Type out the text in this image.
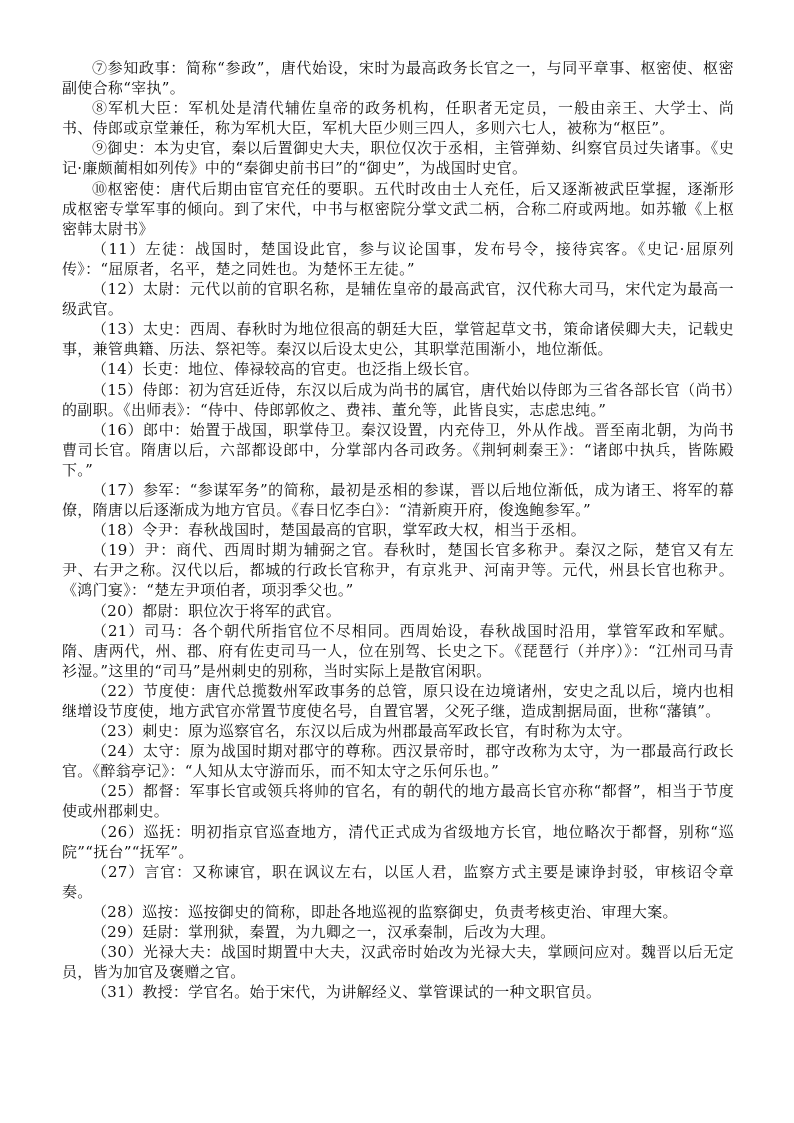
⑦参知政事：简称“参政”，唐代始设，宋时为最高政务长官之一，与同平章事、枢密使、枢密副使合称“宰执”。

⑧军机大臣：军机处是清代辅佐皇帝的政务机构，任职者无定员，一般由亲王、大学士、尚书、侍郎或京堂兼任，称为军机大臣，军机大臣少则三四人，多则六七人，被称为“枢臣”。

⑨御史：本为史官，秦以后置御史大夫，职位仅次于丞相，主管弹劾、纠察官员过失诸事。《史记·廉颇蔺相如列传》中的“秦御史前书曰”的“御史”，为战国时史官。

⑩枢密使：唐代后期由宦官充任的要职。五代时改由士人充任，后又逐渐被武臣掌握，逐渐形成枢密专掌军事的倾向。到了宋代，中书与枢密院分掌文武二柄，合称二府或两地。如苏辙《上枢密韩太尉书》

（11）左徒：战国时，楚国设此官，参与议论国事，发布号令，接待宾客。《史记·屈原列传》：“屈原者，名平，楚之同姓也。为楚怀王左徒。”

（12）太尉：元代以前的官职名称，是辅佐皇帝的最高武官，汉代称大司马，宋代定为最高一级武官。

（13）太史：西周、春秋时为地位很高的朝廷大臣，掌管起草文书，策命诸侯卿大夫，记载史事，兼管典籍、历法、祭祀等。秦汉以后设太史公，其职掌范围渐小，地位渐低。

（14）长吏：地位、俸禄较高的官吏。也泛指上级长官。

（15）侍郎：初为宫廷近侍，东汉以后成为尚书的属官，唐代始以侍郎为三省各部长官（尚书）的副职。《出师表》：“侍中、侍郎郭攸之、费祎、董允等，此皆良实，志虑忠纯。”

（16）郎中：始置于战国，职掌侍卫。秦汉设置，内充侍卫，外从作战。晋至南北朝，为尚书曹司长官。隋唐以后，六部都设郎中，分掌部内各司政务。《荆轲刺秦王》：“诸郎中执兵，皆陈殿下。”

（17）参军：“参谋军务”的简称，最初是丞相的参谋，晋以后地位渐低，成为诸王、将军的幕僚，隋唐以后逐渐成为地方官员。《春日忆李白》：“清新庾开府，俊逸鲍参军。”

（18）令尹：春秋战国时，楚国最高的官职，掌军政大权，相当于丞相。

（19）尹：商代、西周时期为辅弼之官。春秋时，楚国长官多称尹。秦汉之际，楚官又有左尹、右尹之称。汉代以后，都城的行政长官称尹，有京兆尹、河南尹等。元代，州县长官也称尹。《鸿门宴》：“楚左尹项伯者，项羽季父也。”

（20）都尉：职位次于将军的武官。

（21）司马：各个朝代所指官位不尽相同。西周始设，春秋战国时沿用，掌管军政和军赋。隋、唐两代，州、郡、府有佐吏司马一人，位在别驾、长史之下。《琵琶行（并序）》：“江州司马青衫湿。”这里的“司马”是州刺史的别称，当时实际上是散官闲职。

（22）节度使：唐代总揽数州军政事务的总管，原只设在边境诸州，安史之乱以后，境内也相继增设节度使，地方武官亦常置节度使名号，自置官署，父死子继，造成割据局面，世称“藩镇”。

（23）刺史：原为巡察官名，东汉以后成为州郡最高军政长官，有时称为太守。

（24）太守：原为战国时期对郡守的尊称。西汉景帝时，郡守改称为太守，为一郡最高行政长官。《醉翁亭记》：“人知从太守游而乐，而不知太守之乐何乐也。”

（25）都督：军事长官或领兵将帅的官名，有的朝代的地方最高长官亦称“都督”，相当于节度使或州郡刺史。

（26）巡抚：明初指京官巡查地方，清代正式成为省级地方长官，地位略次于都督，别称“巡院”“抚台”“抚军”。

（27）言官：又称谏官，职在讽议左右，以匡人君，监察方式主要是谏诤封驳，审核诏令章奏。

（28）巡按：巡按御史的简称，即赴各地巡视的监察御史，负责考核吏治、审理大案。

（29）廷尉：掌刑狱，秦置，为九卿之一，汉承秦制，后改为大理。

（30）光禄大夫：战国时期置中大夫，汉武帝时始改为光禄大夫，掌顾问应对。魏晋以后无定员，皆为加官及褒赠之官。

（31）教授：学官名。始于宋代，为讲解经义、掌管课试的一种文职官员。
